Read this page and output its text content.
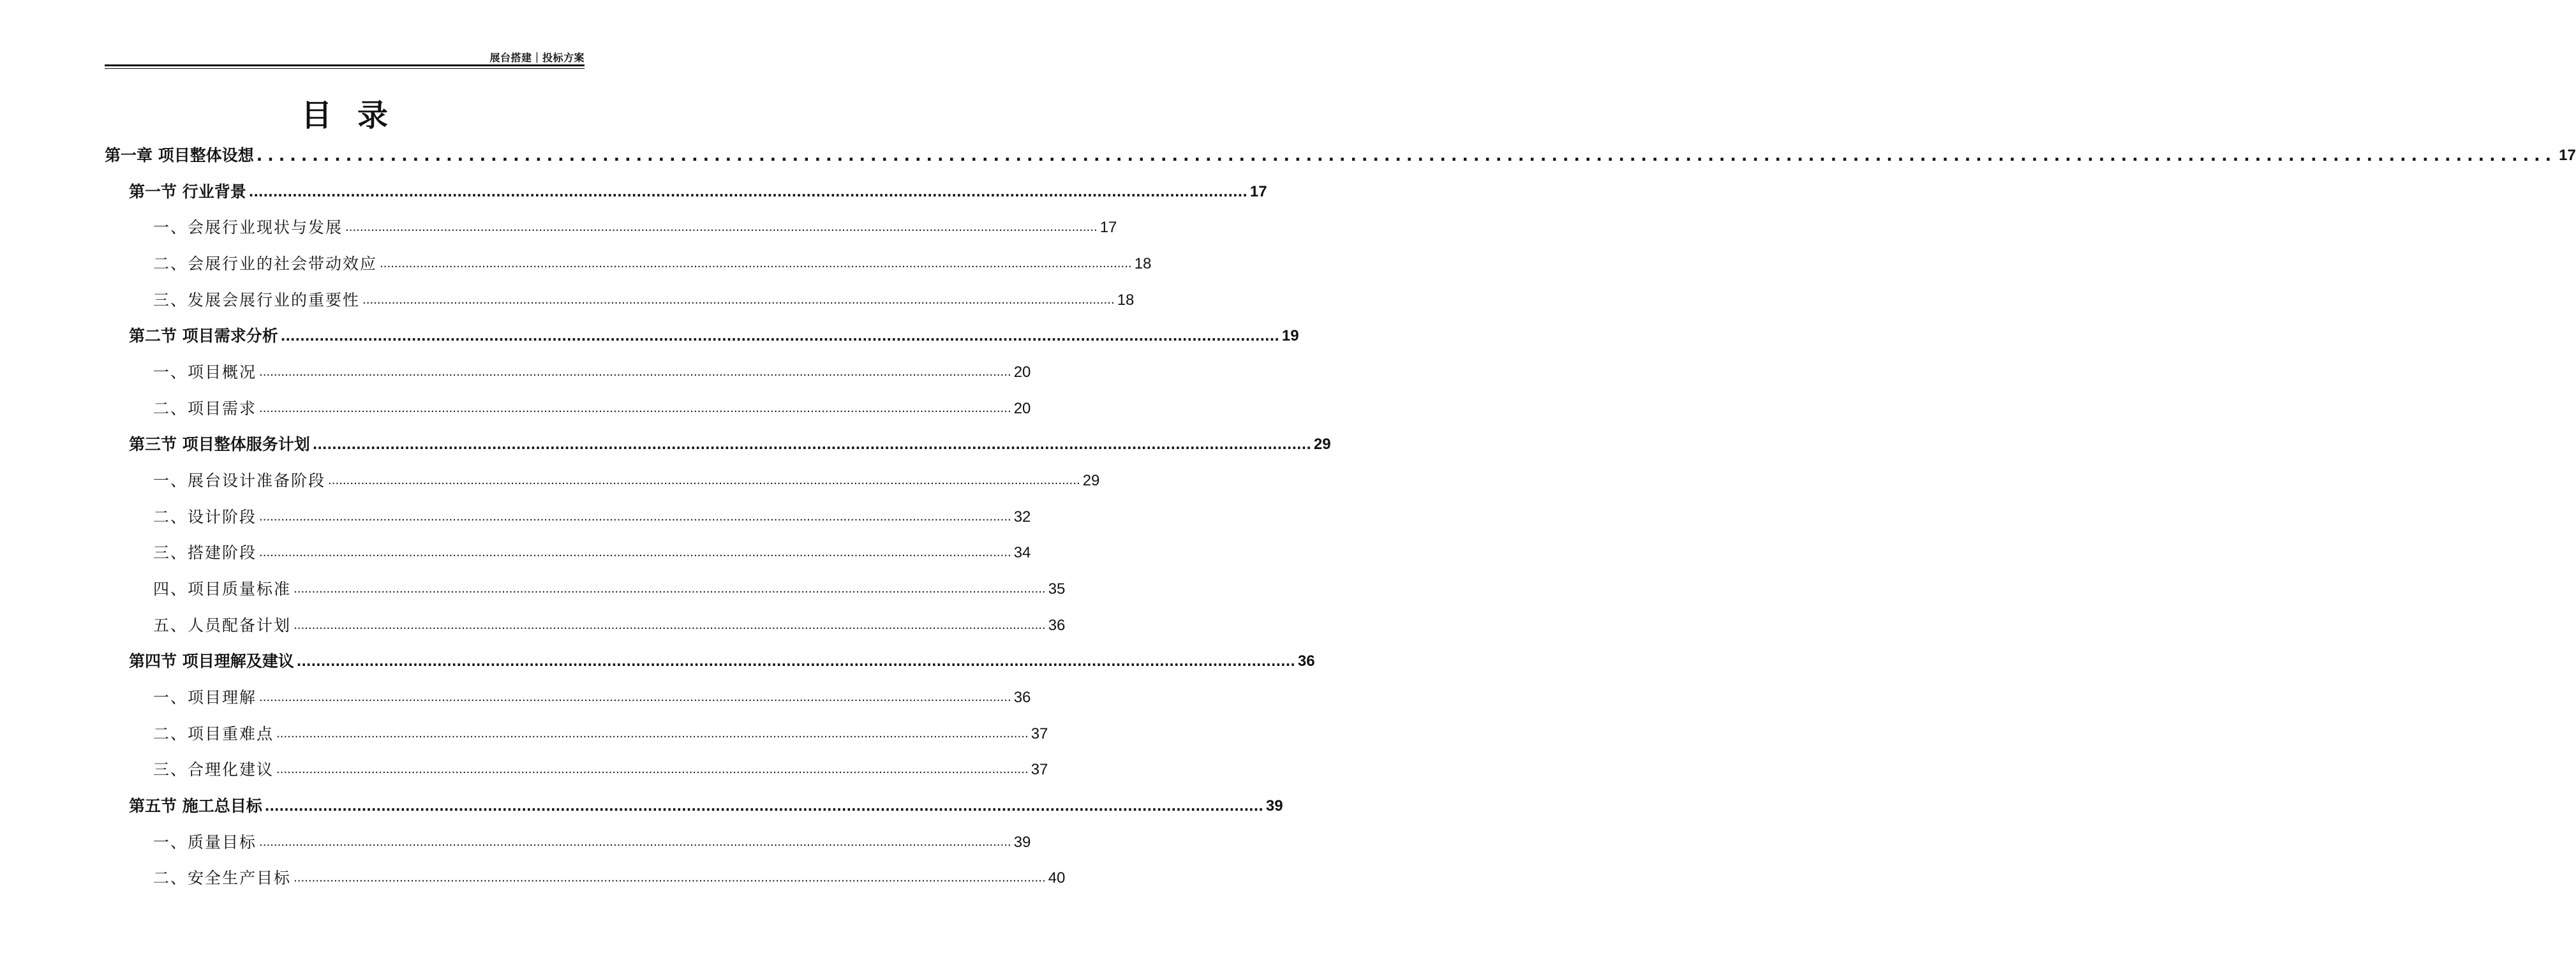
展台搭建｜投标方案
目录
第一章 项目整体设想 .............................................................................................................................................................................................................. 17
第一节 行业背景 .............................................................................................................................................................................................................. 17
一、会展行业现状与发展 .............................................................................................................................................................................................................. 17
二、会展行业的社会带动效应 .............................................................................................................................................................................................................. 18
三、发展会展行业的重要性 .............................................................................................................................................................................................................. 18
第二节 项目需求分析 .............................................................................................................................................................................................................. 19
一、项目概况 .............................................................................................................................................................................................................. 20
二、项目需求 .............................................................................................................................................................................................................. 20
第三节 项目整体服务计划 .............................................................................................................................................................................................................. 29
一、展台设计准备阶段 .............................................................................................................................................................................................................. 29
二、设计阶段 .............................................................................................................................................................................................................. 32
三、搭建阶段 .............................................................................................................................................................................................................. 34
四、项目质量标准 .............................................................................................................................................................................................................. 35
五、人员配备计划 .............................................................................................................................................................................................................. 36
第四节 项目理解及建议 .............................................................................................................................................................................................................. 36
一、项目理解 .............................................................................................................................................................................................................. 36
二、项目重难点 .............................................................................................................................................................................................................. 37
三、合理化建议 .............................................................................................................................................................................................................. 37
第五节 施工总目标 .............................................................................................................................................................................................................. 39
一、质量目标 .............................................................................................................................................................................................................. 39
二、安全生产目标 .............................................................................................................................................................................................................. 40
